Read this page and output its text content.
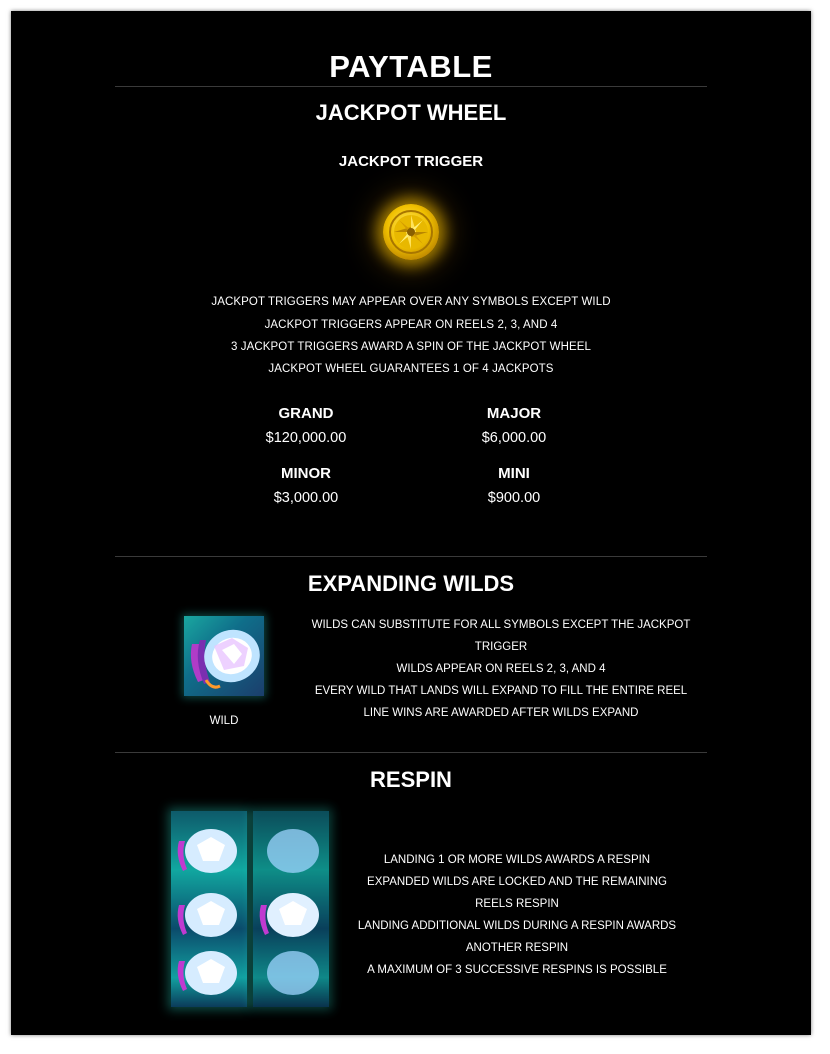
PAYTABLE
JACKPOT WHEEL
JACKPOT TRIGGER
JACKPOT TRIGGERS MAY APPEAR OVER ANY SYMBOLS EXCEPT WILD
JACKPOT TRIGGERS APPEAR ON REELS 2, 3, AND 4
3 JACKPOT TRIGGERS AWARD A SPIN OF THE JACKPOT WHEEL
JACKPOT WHEEL GUARANTEES 1 OF 4 JACKPOTS
GRAND
$120,000.00
MAJOR
$6,000.00
MINOR
$3,000.00
MINI
$900.00
EXPANDING WILDS
WILD
WILDS CAN SUBSTITUTE FOR ALL SYMBOLS EXCEPT THE JACKPOT
TRIGGER
WILDS APPEAR ON REELS 2, 3, AND 4
EVERY WILD THAT LANDS WILL EXPAND TO FILL THE ENTIRE REEL
LINE WINS ARE AWARDED AFTER WILDS EXPAND
RESPIN
LANDING 1 OR MORE WILDS AWARDS A RESPIN
EXPANDED WILDS ARE LOCKED AND THE REMAINING
REELS RESPIN
LANDING ADDITIONAL WILDS DURING A RESPIN AWARDS
ANOTHER RESPIN
A MAXIMUM OF 3 SUCCESSIVE RESPINS IS POSSIBLE
